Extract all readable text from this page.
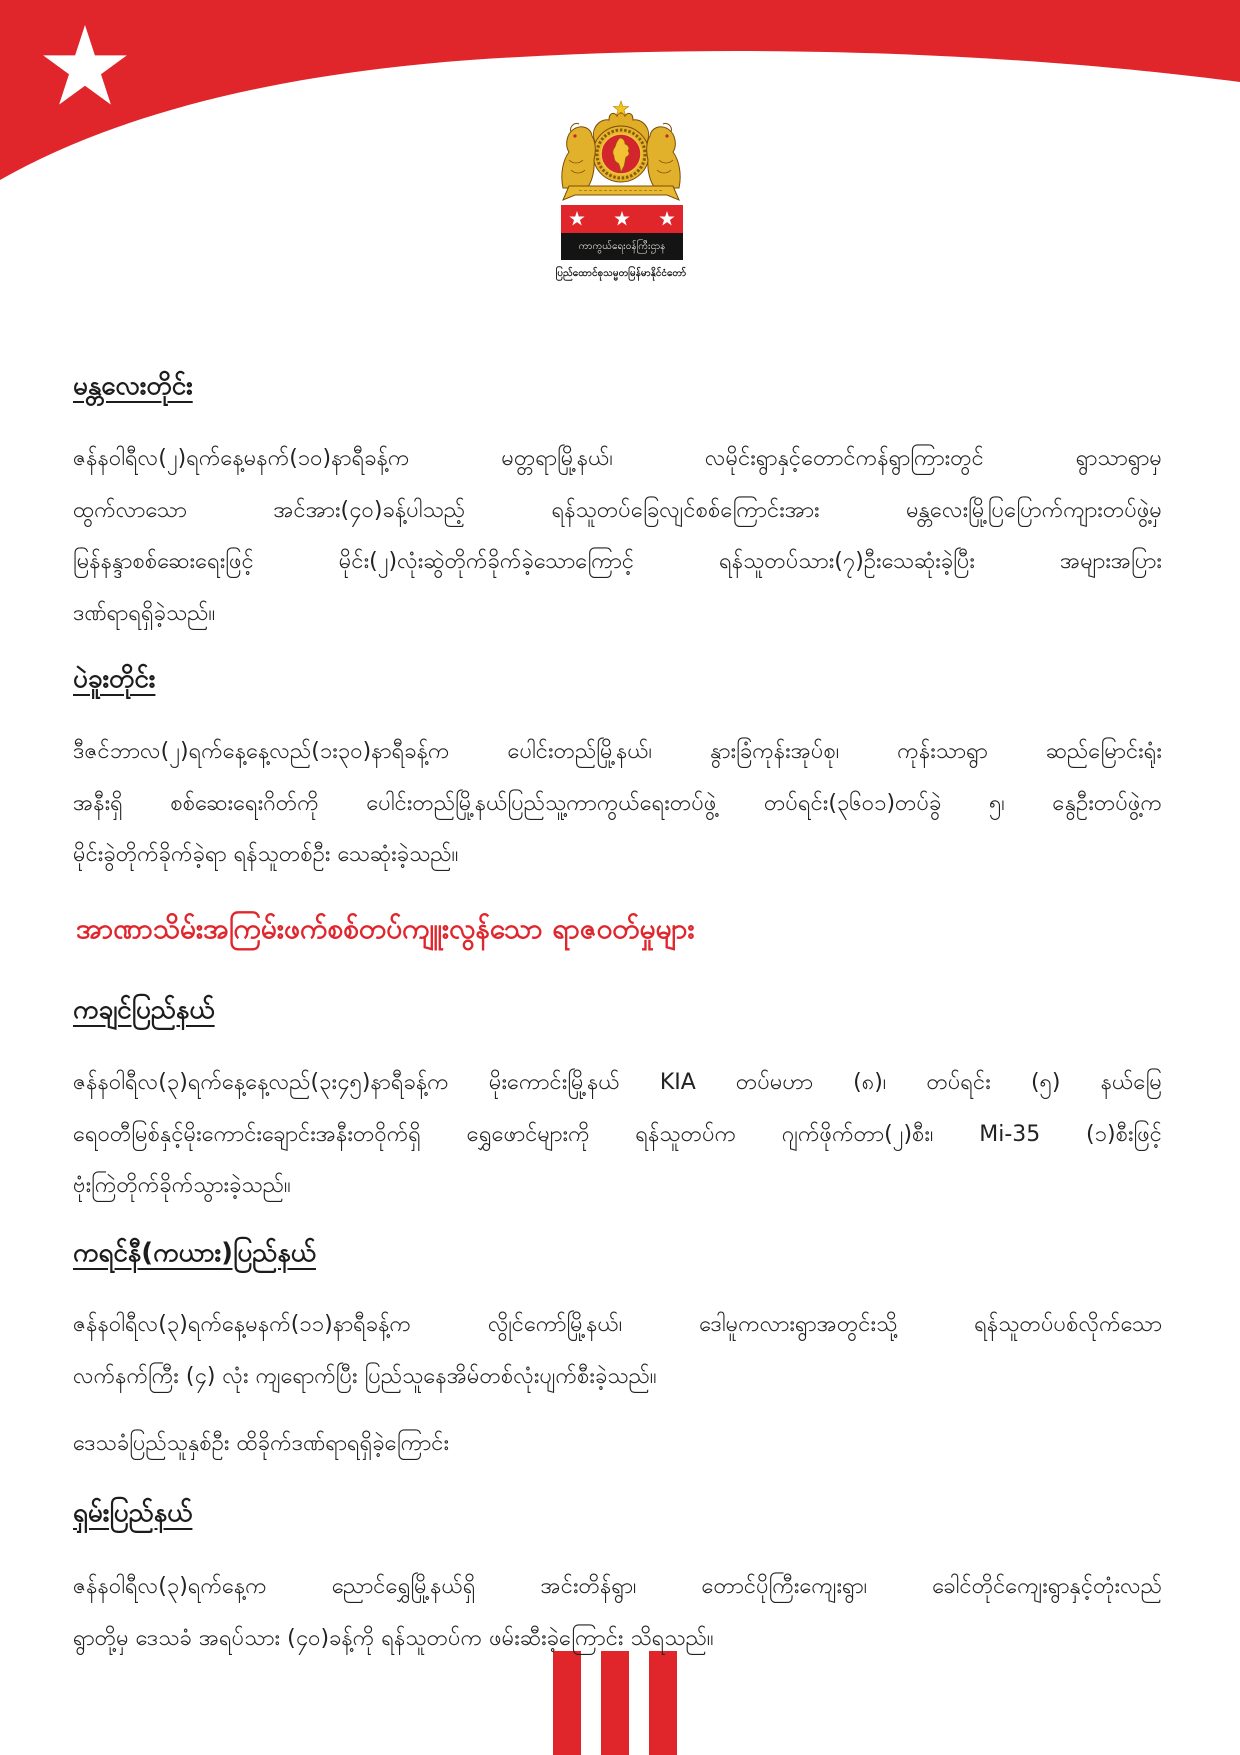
ကာကွယ်ရေးဝန်ကြီးဌာန
ပြည်ထောင်စုသမ္မတမြန်မာနိုင်ငံတော်
မန္တလေးတိုင်း
ဇန်နဝါရီလ(၂)ရက်နေ့မနက်(၁၀)နာရီခန့်က မတ္တရာမြို့နယ်၊ လမိုင်းရွာနှင့်တောင်ကန်ရွာကြားတွင် ရွာသာရွာမှ
ထွက်လာသော အင်အား(၄၀)ခန့်ပါသည့် ရန်သူတပ်ခြေလျင်စစ်ကြောင်းအား မန္တလေးမြို့ပြပြောက်ကျားတပ်ဖွဲ့မှ
မြန်နန္ဒာစစ်ဆေးရေးဖြင့် မိုင်း(၂)လုံးဆွဲတိုက်ခိုက်ခဲ့သောကြောင့် ရန်သူတပ်သား(၇)ဦးသေဆုံးခဲ့ပြီး အများအပြား
ဒဏ်ရာရရှိခဲ့သည်။
ပဲခူးတိုင်း
ဒီဇင်ဘာလ(၂)ရက်နေ့နေ့လည်(၁း၃၀)နာရီခန့်က ပေါင်းတည်မြို့နယ်၊ နွားခြံကုန်းအုပ်စု၊ ကုန်းသာရွာ ဆည်မြောင်းရုံး
အနီးရှိ စစ်ဆေးရေးဂိတ်ကို ပေါင်းတည်မြို့နယ်ပြည်သူ့ကာကွယ်ရေးတပ်ဖွဲ့ တပ်ရင်း(၃၆၀၁)တပ်ခွဲ ၅၊ နွေဦးတပ်ဖွဲ့က
မိုင်းခွဲတိုက်ခိုက်ခဲ့ရာ ရန်သူတစ်ဦး သေဆုံးခဲ့သည်။
အာဏာသိမ်းအကြမ်းဖက်စစ်တပ်ကျူးလွန်သော ရာဇဝတ်မှုများ
ကချင်ပြည်နယ်
ဇန်နဝါရီလ(၃)ရက်နေ့နေ့လည်(၃း၄၅)နာရီခန့်က မိုးကောင်းမြို့နယ် KIA တပ်မဟာ (၈)၊ တပ်ရင်း (၅) နယ်မြေ
ရေဝတီမြစ်နှင့်မိုးကောင်းချောင်းအနီးတဝိုက်ရှိ ရွှေဖောင်များကို ရန်သူတပ်က ဂျက်ဖိုက်တာ(၂)စီး၊ Mi-35 (၁)စီးဖြင့်
ဗုံးကြဲတိုက်ခိုက်သွားခဲ့သည်။
ကရင်နီ(ကယား)ပြည်နယ်
ဇန်နဝါရီလ(၃)ရက်နေ့မနက်(၁၁)နာရီခန့်က လွိုင်ကော်မြို့နယ်၊ ဒေါမူကလားရွာအတွင်းသို့ ရန်သူတပ်ပစ်လိုက်သော
လက်နက်ကြီး (၄) လုံး ကျရောက်ပြီး ပြည်သူနေအိမ်တစ်လုံးပျက်စီးခဲ့သည်။
ဒေသခံပြည်သူနှစ်ဦး ထိခိုက်ဒဏ်ရာရရှိခဲ့ကြောင်း
ရှမ်းပြည်နယ်
ဇန်နဝါရီလ(၃)ရက်နေ့က ညောင်ရွှေမြို့နယ်ရှိ အင်းတိန်ရွာ၊ တောင်ပိုကြီးကျေးရွာ၊ ခေါင်တိုင်ကျေးရွာနှင့်တုံးလည်
ရွာတို့မှ ဒေသခံ အရပ်သား (၄၀)ခန့်ကို ရန်သူတပ်က ဖမ်းဆီးခဲ့ကြောင်း သိရသည်။
